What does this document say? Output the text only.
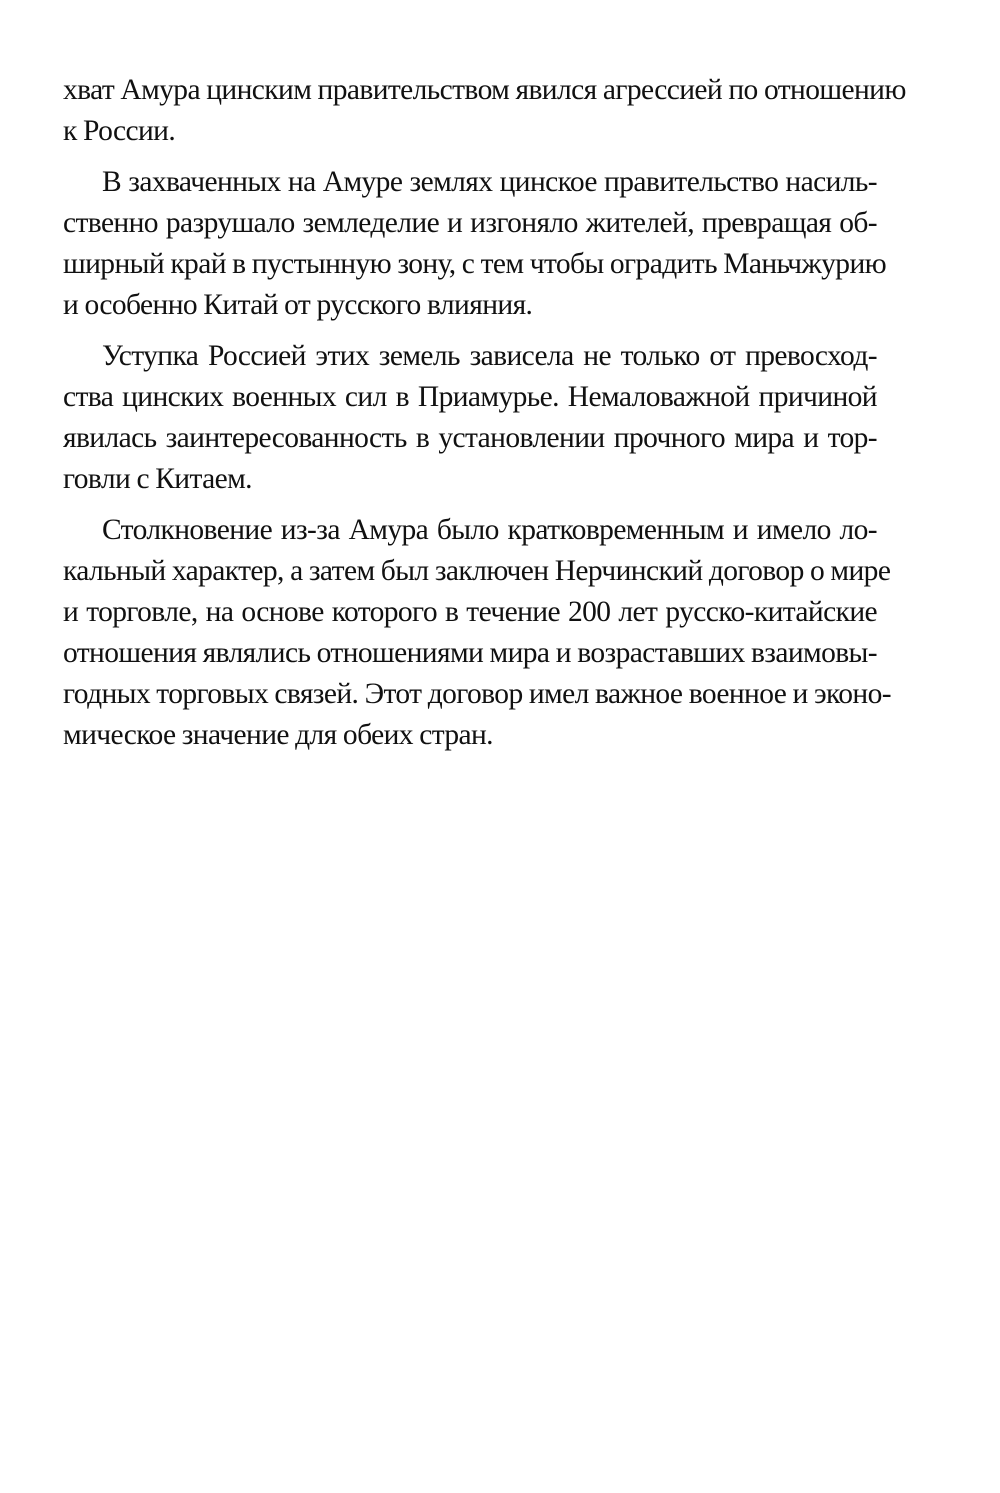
хват Амура цинским правительством явился агрессией по отношению
к России.
В захваченных на Амуре землях цинское правительство насиль-
ственно разрушало земледелие и изгоняло жителей, превращая об-
ширный край в пустынную зону, с тем чтобы оградить Маньчжурию
и особенно Китай от русского влияния.
Уступка Россией этих земель зависела не только от превосход-
ства цинских военных сил в Приамурье. Немаловажной причиной
явилась заинтересованность в установлении прочного мира и тор-
говли с Китаем.
Столкновение из-за Амура было кратковременным и имело ло-
кальный характер, а затем был заключен Нерчинский договор о мире
и торговле, на основе которого в течение 200 лет русско-китайские
отношения являлись отношениями мира и возраставших взаимовы-
годных торговых связей. Этот договор имел важное военное и эконо-
мическое значение для обеих стран.
